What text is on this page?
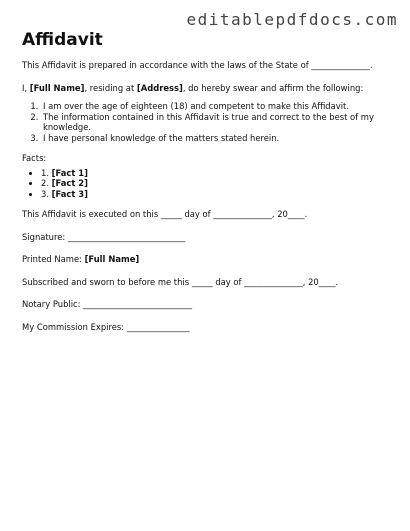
editablepdfdocs.com
Affidavit

This Affidavit is prepared in accordance with the laws of the State of ______________.

I, [Full Name], residing at [Address], do hereby swear and affirm the following:

1. I am over the age of eighteen (18) and competent to make this Affidavit.
2. The information contained in this Affidavit is true and correct to the best of my knowledge.
3. I have personal knowledge of the matters stated herein.

Facts:

• 1. [Fact 1]
• 2. [Fact 2]
• 3. [Fact 3]

This Affidavit is executed on this _____ day of ______________, 20____.

Signature: ____________________________

Printed Name: [Full Name]

Subscribed and sworn to before me this _____ day of ______________, 20____.

Notary Public: __________________________

My Commission Expires: _______________
